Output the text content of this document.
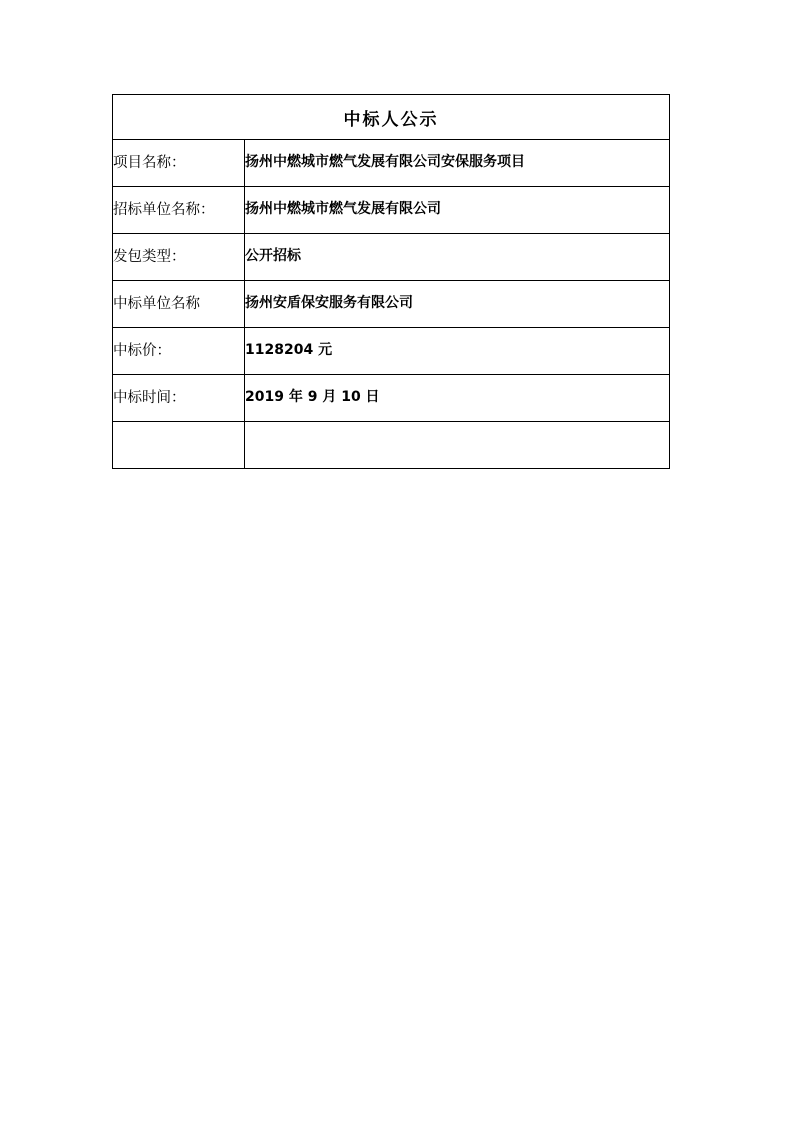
中标人公示	
项目名称：	扬州中燃城市燃气发展有限公司安保服务项目
招标单位名称：	扬州中燃城市燃气发展有限公司
发包类型：	公开招标
中标单位名称	扬州安盾保安服务有限公司
中标价：	1128204 元
中标时间：	2019 年 9 月 10 日
